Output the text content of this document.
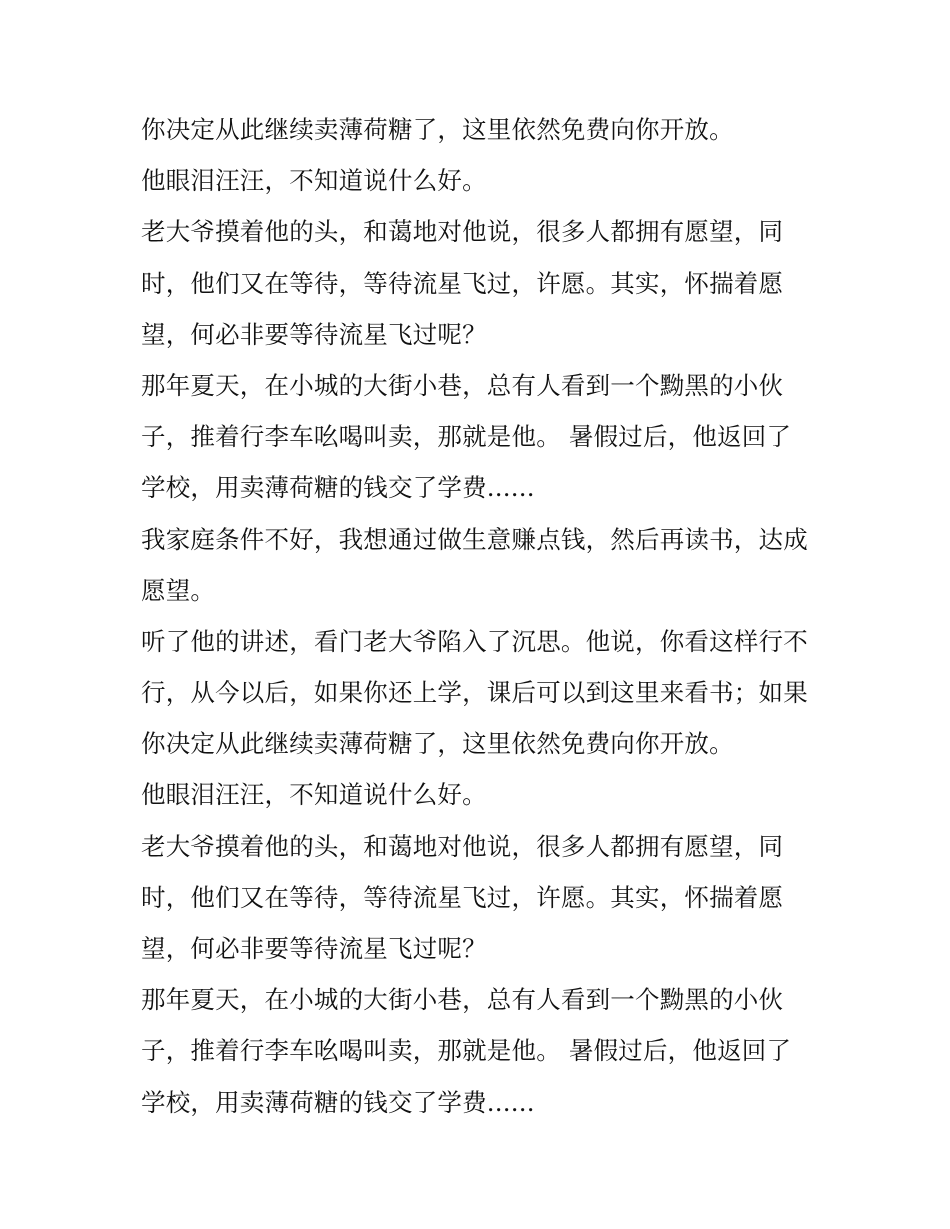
你决定从此继续卖薄荷糖了，这里依然免费向你开放。

他眼泪汪汪，不知道说什么好。

老大爷摸着他的头，和蔼地对他说，很多人都拥有愿望，同
时，他们又在等待，等待流星飞过，许愿。其实，怀揣着愿
望，何必非要等待流星飞过呢？

那年夏天，在小城的大街小巷，总有人看到一个黝黑的小伙
子，推着行李车吆喝叫卖，那就是他。 暑假过后，他返回了
学校，用卖薄荷糖的钱交了学费......

我家庭条件不好，我想通过做生意赚点钱，然后再读书，达成
愿望。

听了他的讲述，看门老大爷陷入了沉思。他说，你看这样行不
行，从今以后，如果你还上学，课后可以到这里来看书；如果
你决定从此继续卖薄荷糖了，这里依然免费向你开放。

他眼泪汪汪，不知道说什么好。

老大爷摸着他的头，和蔼地对他说，很多人都拥有愿望，同
时，他们又在等待，等待流星飞过，许愿。其实，怀揣着愿
望，何必非要等待流星飞过呢？

那年夏天，在小城的大街小巷，总有人看到一个黝黑的小伙
子，推着行李车吆喝叫卖，那就是他。 暑假过后，他返回了
学校，用卖薄荷糖的钱交了学费......
